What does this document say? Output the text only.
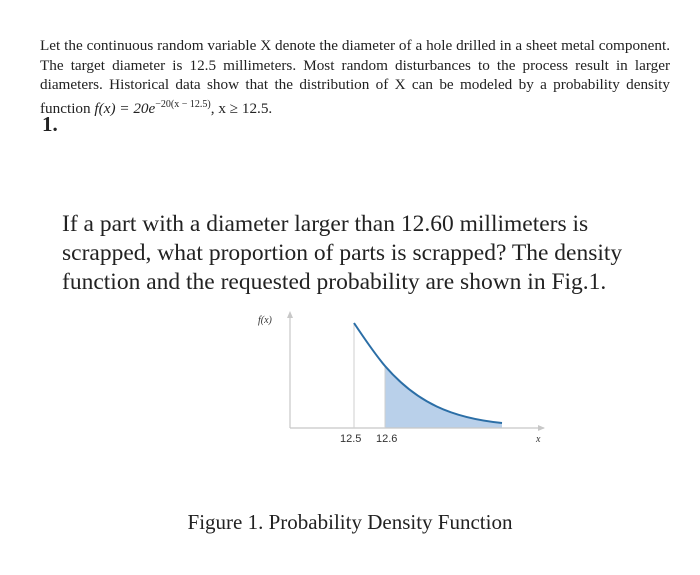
Let the continuous random variable X denote the diameter of a hole drilled in a sheet metal component. The target diameter is 12.5 millimeters. Most random disturbances to the process result in larger diameters. Historical data show that the distribution of X can be modeled by a probability density function $f(x) = 20e^{-20(x - 12.5)}$, x ≥ 12.5.

1.
If a part with a diameter larger than 12.60 millimeters is scrapped, what proportion of parts is scrapped? The density function and the requested probability are shown in Fig.1.
f(x)
12.5 12.6	x
Figure 1. Probability Density Function
